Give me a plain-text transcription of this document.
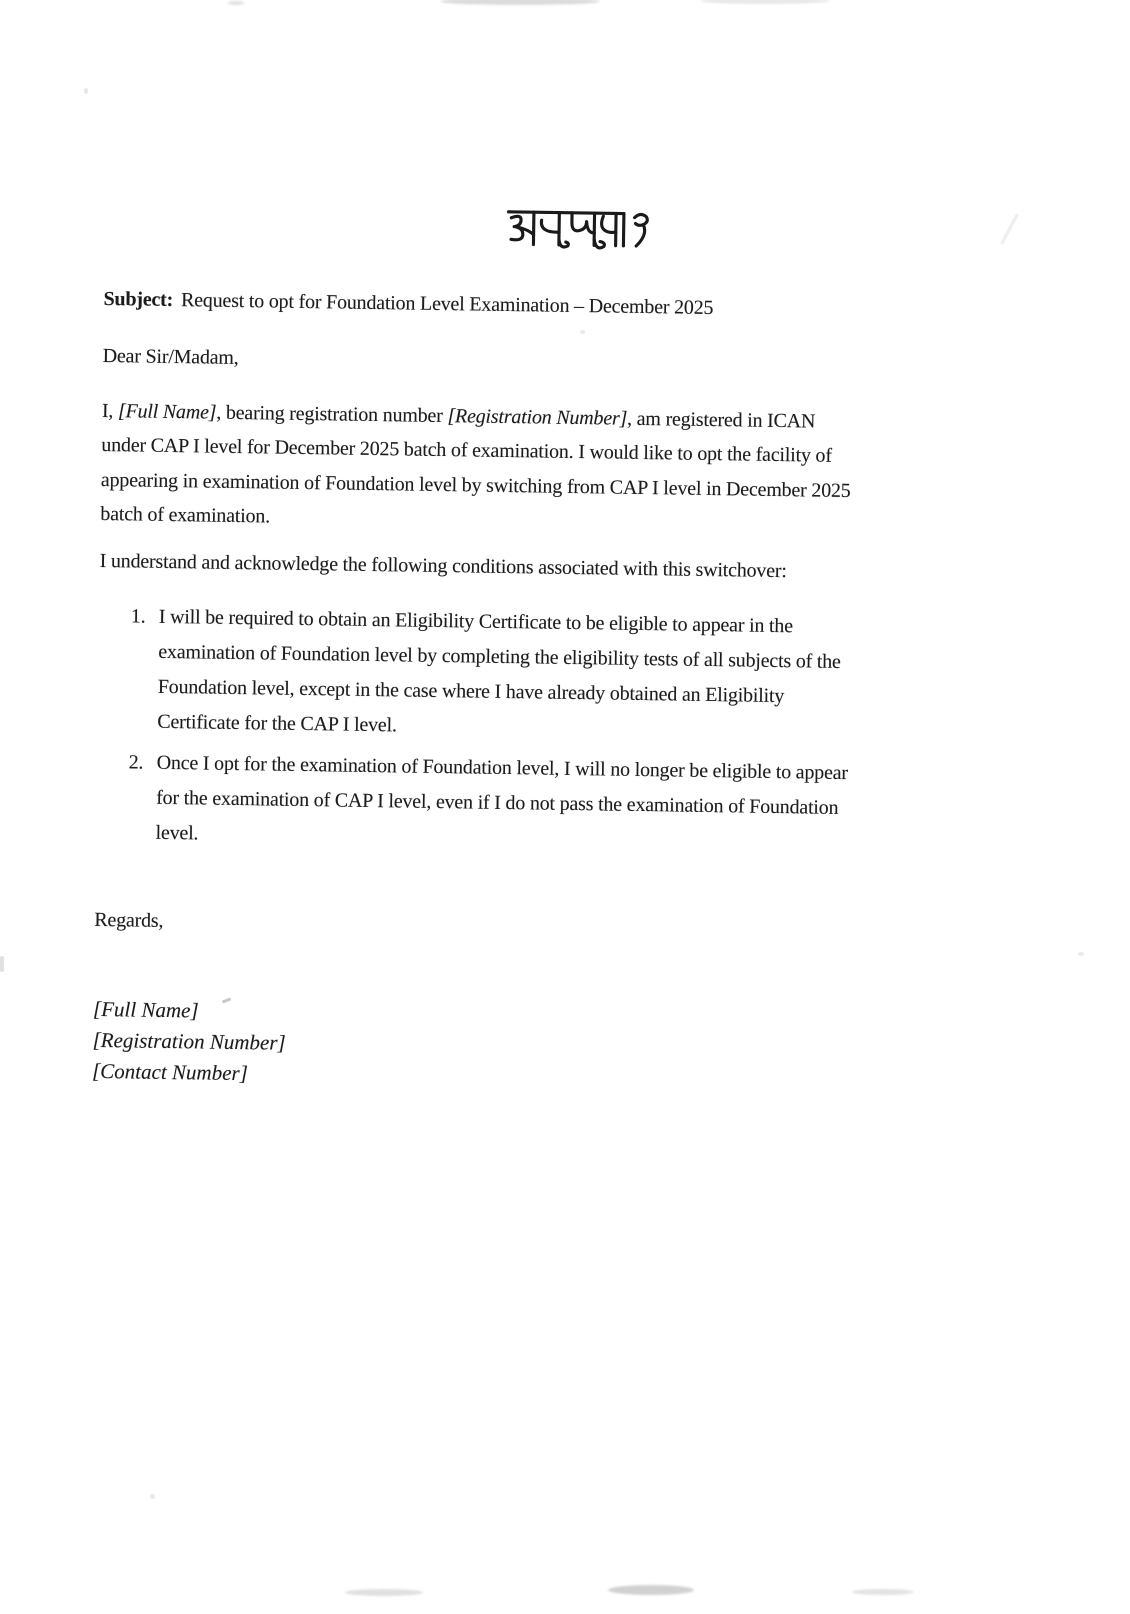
Subject: Request to opt for Foundation Level Examination – December 2025
Dear Sir/Madam,
I, [Full Name], bearing registration number [Registration Number], am registered in ICAN
under CAP I level for December 2025 batch of examination. I would like to opt the facility of
appearing in examination of Foundation level by switching from CAP I level in December 2025
batch of examination.
I understand and acknowledge the following conditions associated with this switchover:
1. I will be required to obtain an Eligibility Certificate to be eligible to appear in the
examination of Foundation level by completing the eligibility tests of all subjects of the
Foundation level, except in the case where I have already obtained an Eligibility
Certificate for the CAP I level.
2. Once I opt for the examination of Foundation level, I will no longer be eligible to appear
for the examination of CAP I level, even if I do not pass the examination of Foundation
level.
Regards,
[Full Name]
[Registration Number]
[Contact Number]
